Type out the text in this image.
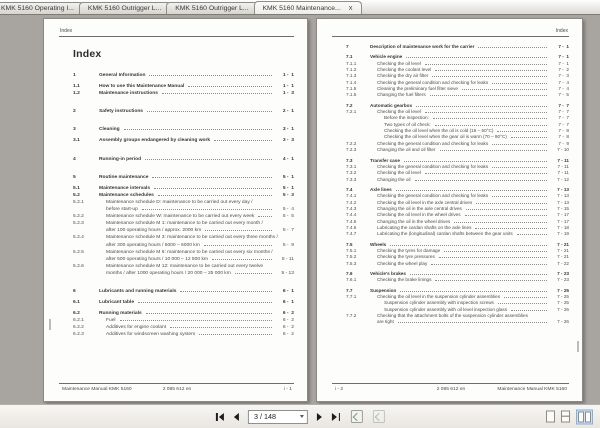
KMK 5160 Operating I... KMK 5160 Outrigger L... KMK 5160 Outrigger L... KMK 5160 Maintenance... x
Index
Index
1	General Information	1 -  1
1.1	How to use this Maintenance Manual	1 -  1
1.2	Maintenance instructions	1 -  3
2	Safety instructions	2 -  1
3	Cleaning	3 -  1
3.1	Assembly groups endangered by cleaning work	3 -  3
4	Running-in period	4 -  1
5	Routine maintenance	5 -  1
5.1	Maintenance intervals	5 -  1
5.2	Maintenance schedules	5 -  3
5.2.1	Maintenance schedule D: maintenance to be carried out every day /
before start-up	5 -  4
5.2.2	Maintenance schedule W: maintenance to be carried out every week	5 -  5
5.2.3	Maintenance schedule M 1: maintenance to be carried out every month /
after 100 operating hours / approx. 2000 km	5 -  7
5.2.4	Maintenance schedule M 3: maintenance to be carried out every three months /
after 300 operating hours / 5000 – 6000 km	5 -  9
5.2.5	Maintenance schedule M 6: maintenance to be carried out every six months /
after 500 operating hours / 10 000 – 12 500 km	5 - 11
5.2.6	Maintenance schedule M 12: maintenance to be carried out every twelve
months / after 1000 operating hours / 20 000 – 25 000 km	5 - 13
6	Lubricants and running materials	6 -  1
6.1	Lubricant table	6 -  1
6.2	Running materials	6 -  2
6.2.1	Fuel	6 -  2
6.2.2	Additives for engine coolant	6 -  2
6.2.3	Additives for windscreen washing system	6 -  2
Maintenance Manual KMK 5160	2 085 612 en	i - 1
Index
7	Description of maintenance work for the carrier	7 -  1
7.1	Vehicle engine	7 -  1
7.1.1	Checking the oil level	7 -  1
7.1.2	Checking the coolant level	7 -  2
7.1.3	Checking the dry air filter	7 -  3
7.1.4	Checking the general condition and checking for leaks	7 -  4
7.1.5	Cleaning the preliminary fuel filter sieve	7 -  4
7.1.6	Changing the fuel filters	7 -  5
7.2	Automatic gearbox	7 -  7
7.2.1	Checking the oil level	7 -  7
Before the inspection:	7 -  7
Two types of oil check:	7 -  7
Checking the oil level when the oil is cold (16 – 50°C)	7 -  8
Checking the oil level when the gear oil is warm (70 – 90°C)	7 -  8
7.2.2	Checking the general condition and checking for leaks	7 -  9
7.2.3	Changing the oil and oil filter	7 - 10
7.3	Transfer case	7 - 11
7.3.1	Checking the general condition and checking for leaks	7 - 11
7.3.2	Checking the oil level	7 - 11
7.3.3	Changing the oil	7 - 12
7.4	Axle lines	7 - 13
7.4.1	Checking the general condition and checking for leaks	7 - 13
7.4.2	Checking the oil level in the axle central drives	7 - 13
7.4.3	Changing the oil in the axle central drives	7 - 15
7.4.4	Checking the oil level in the wheel drives	7 - 17
7.4.5	Changing the oil in the wheel drives	7 - 17
7.4.6	Lubricating the cardan shafts on the axle lines	7 - 18
7.4.7	Lubricating the (longitudinal) cardan shafts between the gear units	7 - 19
7.5	Wheels	7 - 21
7.5.1	Checking the tyres for damage	7 - 21
7.5.2	Checking the tyre pressures	7 - 21
7.5.3	Checking the wheel play	7 - 22
7.6	Vehicle's brakes	7 - 23
7.6.1	Checking the brake linings	7 - 23
7.7	Suspension	7 - 25
7.7.1	Checking the oil level in the suspension cylinder assemblies	7 - 25
Suspension cylinder assembly with inspection screws	7 - 25
Suspension cylinder assembly with oil level inspection glass	7 - 26
7.7.2	Checking that the attachment bolts of the suspension cylinder assemblies
are tight	7 - 26
i - 2	2 085 612 en	Maintenance Manual KMK 5160
3 / 148
